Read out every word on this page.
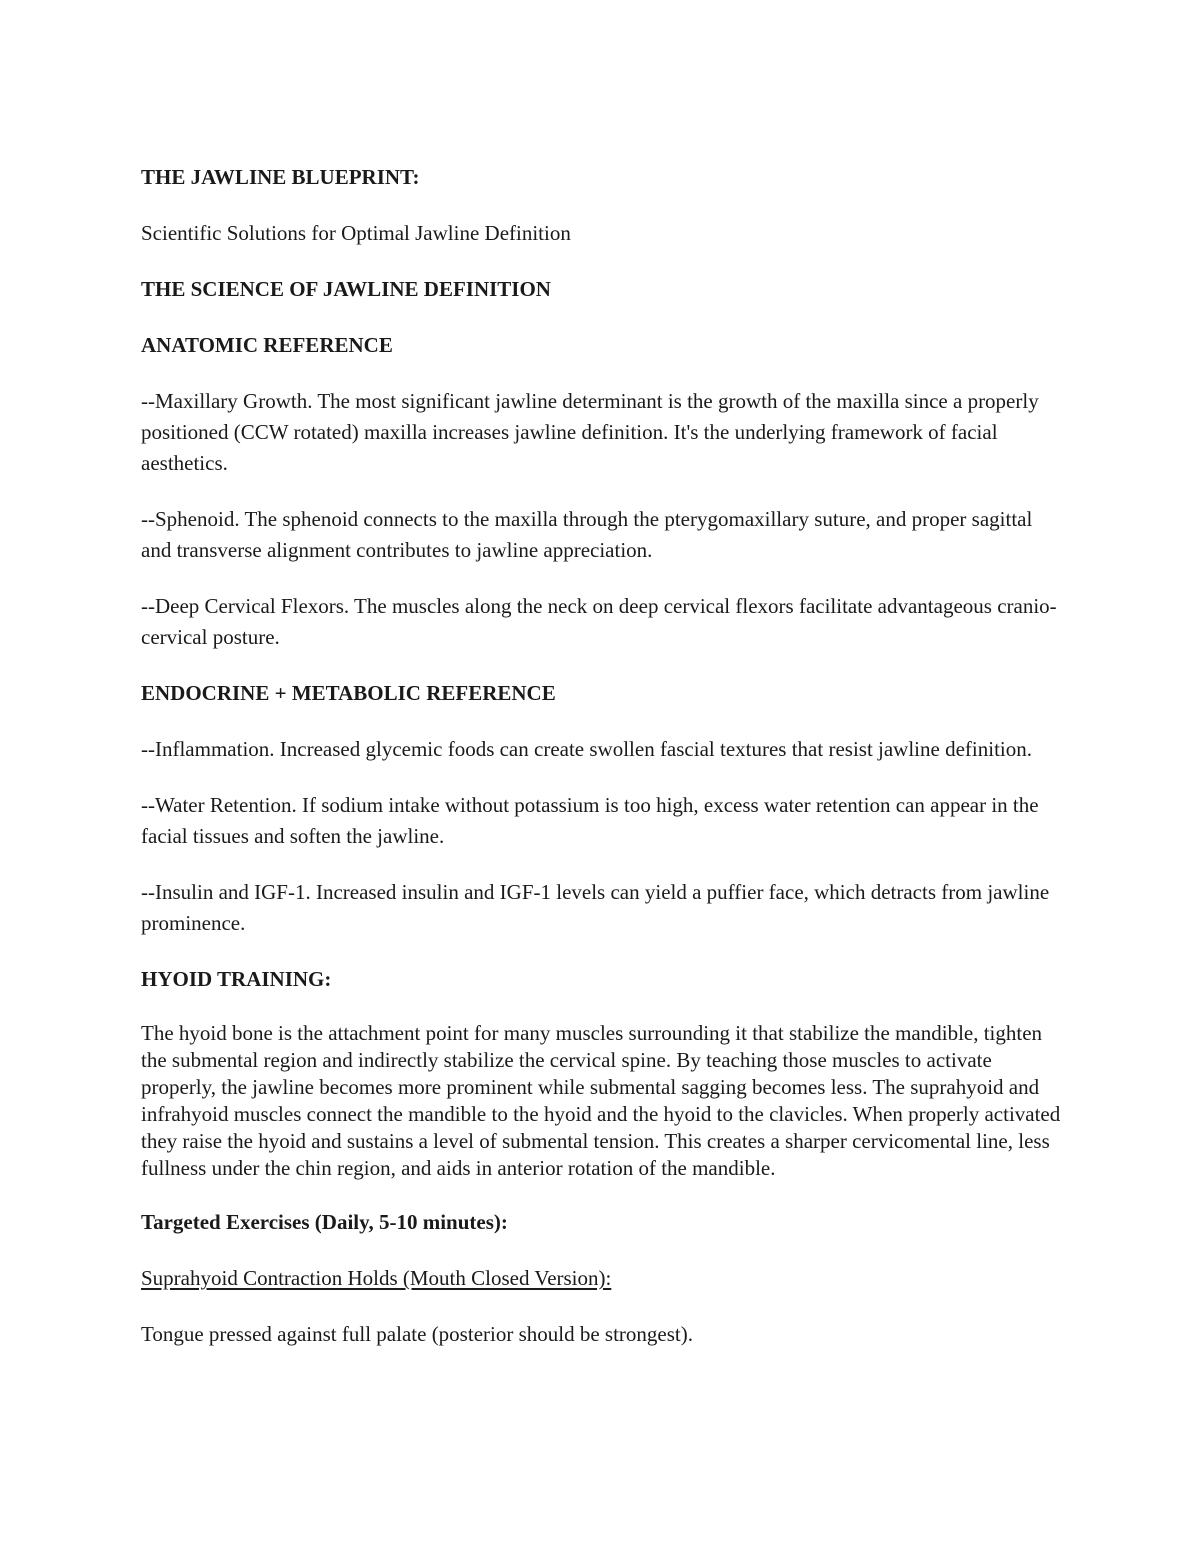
THE JAWLINE BLUEPRINT:

Scientific Solutions for Optimal Jawline Definition

THE SCIENCE OF JAWLINE DEFINITION

ANATOMIC REFERENCE

--Maxillary Growth. The most significant jawline determinant is the growth of the maxilla since a properly positioned (CCW rotated) maxilla increases jawline definition. It's the underlying framework of facial aesthetics.

--Sphenoid. The sphenoid connects to the maxilla through the pterygomaxillary suture, and proper sagittal and transverse alignment contributes to jawline appreciation.

--Deep Cervical Flexors. The muscles along the neck on deep cervical flexors facilitate advantageous cranio-cervical posture.

ENDOCRINE + METABOLIC REFERENCE

--Inflammation. Increased glycemic foods can create swollen fascial textures that resist jawline definition.

--Water Retention. If sodium intake without potassium is too high, excess water retention can appear in the facial tissues and soften the jawline.

--Insulin and IGF-1. Increased insulin and IGF-1 levels can yield a puffier face, which detracts from jawline prominence.

HYOID TRAINING:

The hyoid bone is the attachment point for many muscles surrounding it that stabilize the mandible, tighten the submental region and indirectly stabilize the cervical spine. By teaching those muscles to activate properly, the jawline becomes more prominent while submental sagging becomes less. The suprahyoid and infrahyoid muscles connect the mandible to the hyoid and the hyoid to the clavicles. When properly activated they raise the hyoid and sustains a level of submental tension. This creates a sharper cervicomental line, less fullness under the chin region, and aids in anterior rotation of the mandible.

Targeted Exercises (Daily, 5-10 minutes):

Suprahyoid Contraction Holds (Mouth Closed Version):

Tongue pressed against full palate (posterior should be strongest).
